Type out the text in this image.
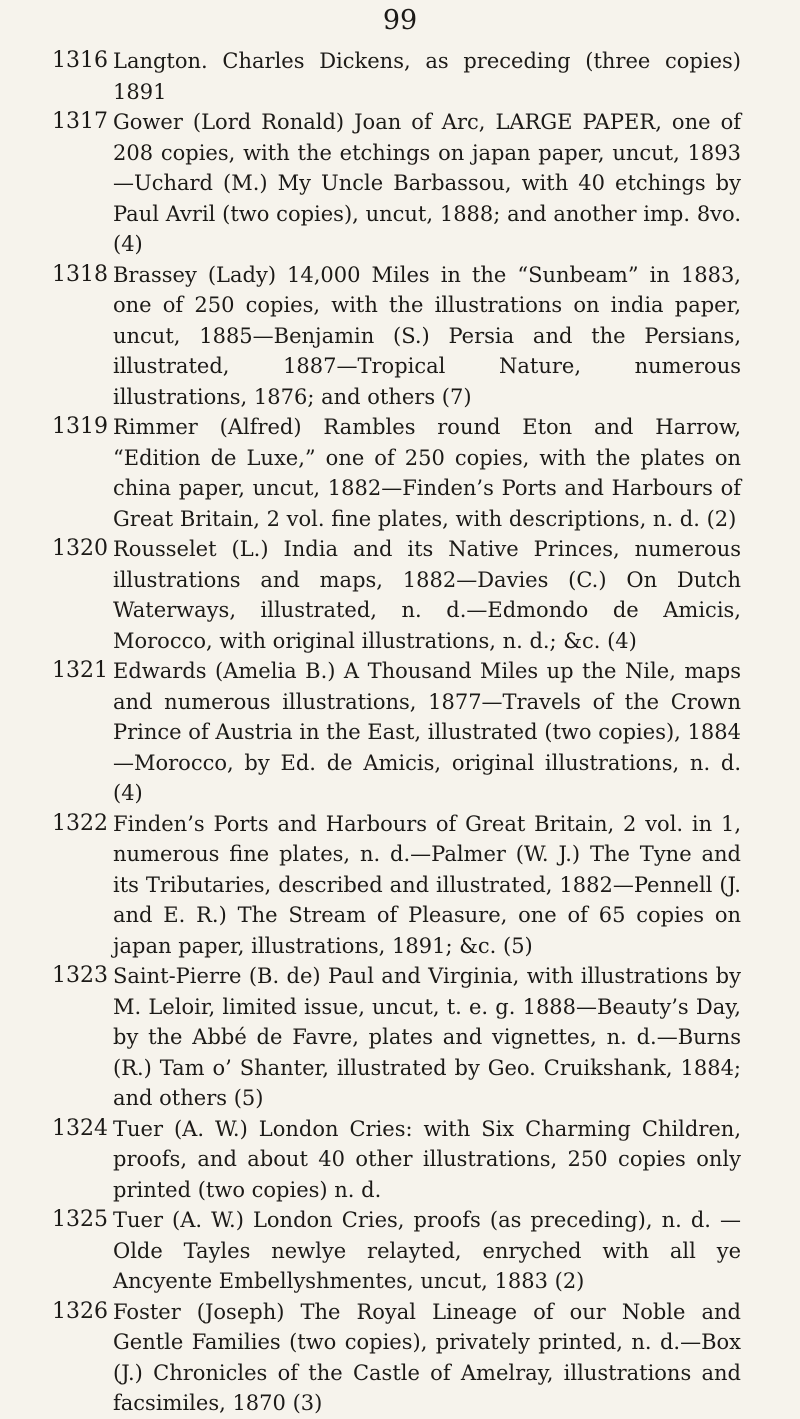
99
1316 Langton. Charles Dickens, as preceding (three copies) 1891
1317 Gower (Lord Ronald) Joan of Arc, LARGE PAPER, one of 208 copies, with the etchings on japan paper, uncut, 1893—Uchard (M.) My Uncle Barbassou, with 40 etchings by Paul Avril (two copies), uncut, 1888; and another imp. 8vo. (4)
1318 Brassey (Lady) 14,000 Miles in the “Sunbeam” in 1883, one of 250 copies, with the illustrations on india paper, uncut, 1885—Benjamin (S.) Persia and the Persians, illustrated, 1887—Tropical Nature, numerous illustrations, 1876; and others (7)
1319 Rimmer (Alfred) Rambles round Eton and Harrow, “Edition de Luxe,” one of 250 copies, with the plates on china paper, uncut, 1882—Finden’s Ports and Harbours of Great Britain, 2 vol. fine plates, with descriptions, n. d. (2)
1320 Rousselet (L.) India and its Native Princes, numerous illustrations and maps, 1882—Davies (C.) On Dutch Waterways, illustrated, n. d.—Edmondo de Amicis, Morocco, with original illustrations, n. d.; &c. (4)
1321 Edwards (Amelia B.) A Thousand Miles up the Nile, maps and numerous illustrations, 1877—Travels of the Crown Prince of Austria in the East, illustrated (two copies), 1884—Morocco, by Ed. de Amicis, original illustrations, n. d. (4)
1322 Finden’s Ports and Harbours of Great Britain, 2 vol. in 1, numerous fine plates, n. d.—Palmer (W. J.) The Tyne and its Tributaries, described and illustrated, 1882—Pennell (J. and E. R.) The Stream of Pleasure, one of 65 copies on japan paper, illustrations, 1891; &c. (5)
1323 Saint-Pierre (B. de) Paul and Virginia, with illustrations by M. Leloir, limited issue, uncut, t. e. g. 1888—Beauty’s Day, by the Abbé de Favre, plates and vignettes, n. d.—Burns (R.) Tam o’ Shanter, illustrated by Geo. Cruikshank, 1884; and others (5)
1324 Tuer (A. W.) London Cries: with Six Charming Children, proofs, and about 40 other illustrations, 250 copies only printed (two copies) n. d.
1325 Tuer (A. W.) London Cries, proofs (as preceding), n. d. —Olde Tayles newlye relayted, enryched with all ye Ancyente Embellyshmentes, uncut, 1883 (2)
1326 Foster (Joseph) The Royal Lineage of our Noble and Gentle Families (two copies), privately printed, n. d.—Box (J.) Chronicles of the Castle of Amelray, illustrations and facsimiles, 1870 (3)
